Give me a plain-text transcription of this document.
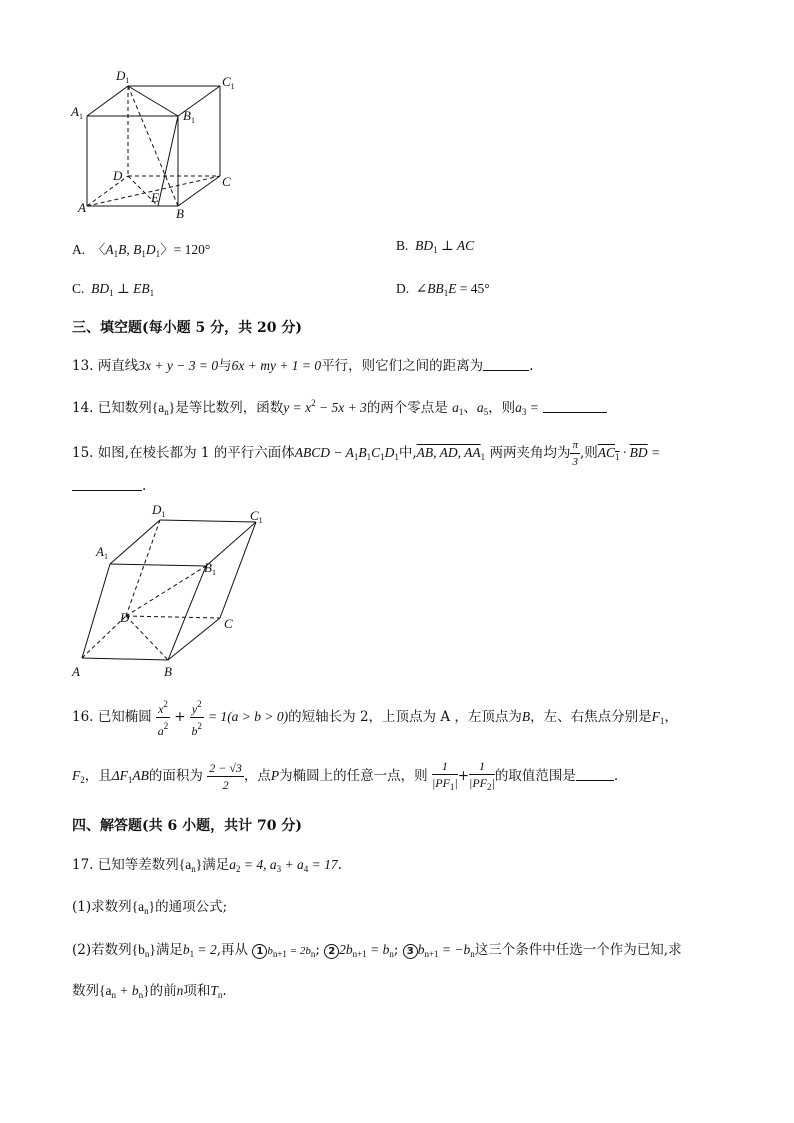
$D_1$	$C_1$
$A_1$	$B_1$
D	C
A
E
B
A. 〈$A_1B$, $B_1D_1$〉= 120°	B. $BD_1$ ⊥ AC
C. $BD_1$ ⊥ $EB_1$	D. $\angle BB_1E = 45^\circ$
三、填空题(每小题 5 分，共 20 分)
13. 两直线3x + y − 3 = 0与6x + my + 1 = 0平行，则它们之间的距离为	.
14. 已知数列$\{a_n\}$是等比数列，函数$y = x^2 - 5x + 3$的两个零点是 $a_1$、$a_5$，则$a_3$ =
15. 如图,在棱长都为 1 的平行六面体ABCD − $A_1B_1C_1D_1$中,AB, AD, $AA_1$ 两两夹角均为 $\frac{\pi}{3}$ ,则$AC_1 \cdot \overline{BD}$ =
.
$D_1$	$C_1$
$A_1$
$B_1$
D	C
A	B
16. 已知椭圆 $\frac{x^2}{a^2} + \frac{y^2}{b^2} = 1(a > b > 0)$的短轴长为 2，上顶点为 A ，左顶点为B，左、右焦点分别是$F_1$，
$F_2$，且$\Delta F_1AB$的面积为 $\frac{2 - √3}{2}$ ，点P为椭圆上的任意一点，则 $\frac{1}{|PF_1|} + \frac{1}{|PF_2|}$ 的取值范围是	.
四、解答题(共 6 小题，共计 70 分)
17. 已知等差数列$\{a_n\}$满足$a_2 = 4$, $a_3 + a_4 = 17$.
(1)求数列$\{a_n\}$的通项公式;
(2)若数列$\{b_n\}$满足$b_1 = 2$,再从 1 $b_{n+1} = 2b_n$; 2 $2b_{n+1} = b_n$; 3 $b_{n+1} = -b_n$这三个条件中任选一个作为已知,求
数列$\{a_n + b_n\}$的前n项和$T_n$.
